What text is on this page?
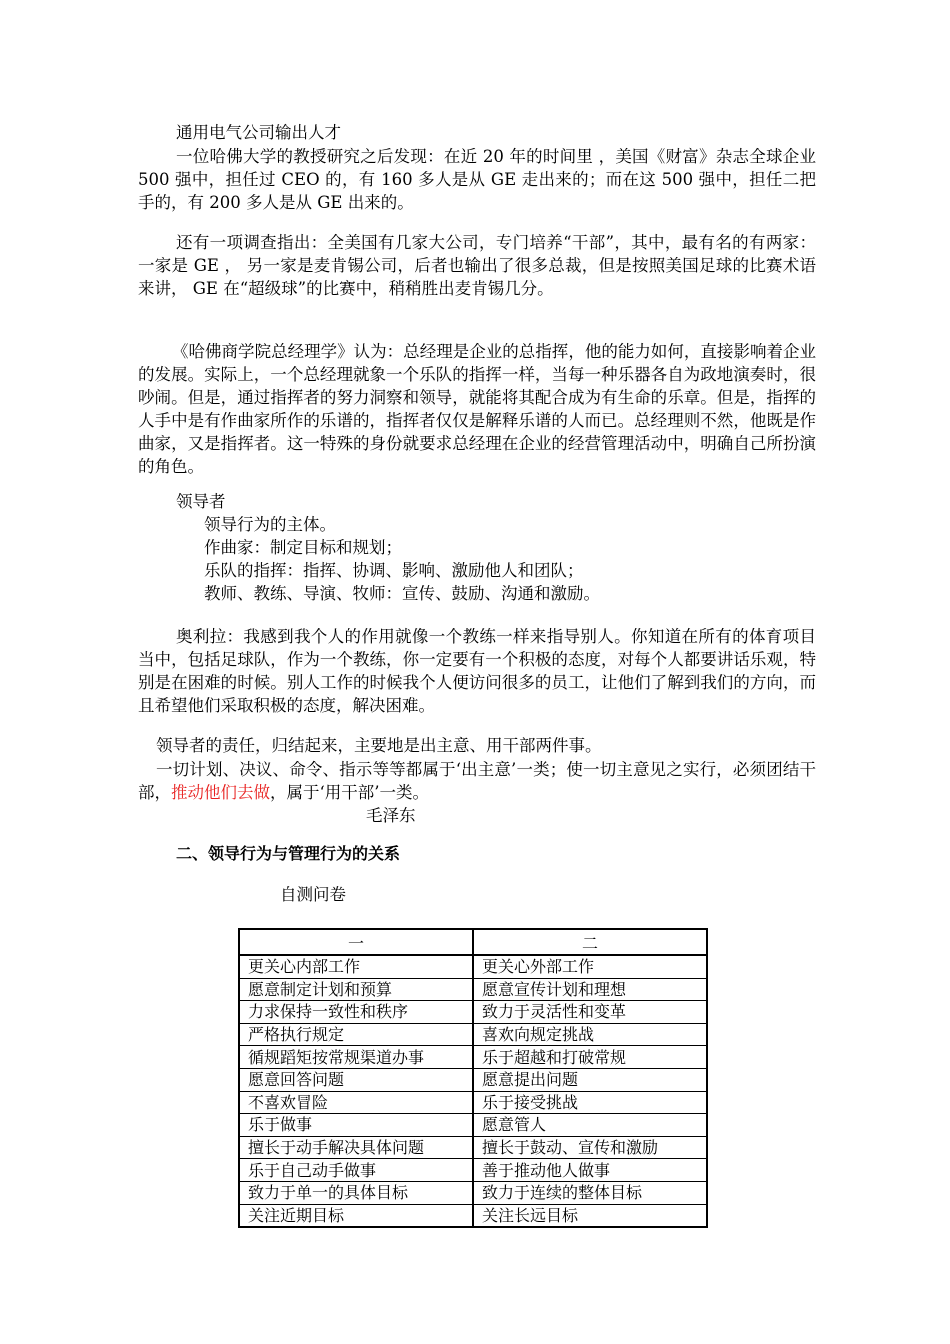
通用电气公司输出人才
一位哈佛大学的教授研究之后发现：在近 20 年的时间里 ，美国《财富》杂志全球企业 500 强中，担任过 CEO 的，有 160 多人是从 GE 走出来的；而在这 500 强中，担任二把手的，有 200 多人是从 GE 出来的。
还有一项调查指出：全美国有几家大公司，专门培养“干部”，其中，最有名的有两家：一家是 GE ， 另一家是麦肯锡公司，后者也输出了很多总裁，但是按照美国足球的比赛术语来讲， GE 在“超级球”的比赛中，稍稍胜出麦肯锡几分。
《哈佛商学院总经理学》认为：总经理是企业的总指挥，他的能力如何，直接影响着企业的发展。实际上，一个总经理就象一个乐队的指挥一样，当每一种乐器各自为政地演奏时，很吵闹。但是，通过指挥者的努力洞察和领导，就能将其配合成为有生命的乐章。但是，指挥的人手中是有作曲家所作的乐谱的，指挥者仅仅是解释乐谱的人而已。总经理则不然，他既是作曲家，又是指挥者。这一特殊的身份就要求总经理在企业的经营管理活动中，明确自己所扮演的角色。
领导者
领导行为的主体。
作曲家：制定目标和规划；
乐队的指挥：指挥、协调、影响、激励他人和团队；
教师、教练、导演、牧师：宣传、鼓励、沟通和激励。
奥利拉：我感到我个人的作用就像一个教练一样来指导别人。你知道在所有的体育项目当中，包括足球队，作为一个教练，你一定要有一个积极的态度，对每个人都要讲话乐观，特别是在困难的时候。别人工作的时候我个人便访问很多的员工，让他们了解到我们的方向，而且希望他们采取积极的态度，解决困难。
领导者的责任，归结起来，主要地是出主意、用干部两件事。
一切计划、决议、命令、指示等等都属于‘出主意’一类；使一切主意见之实行，必须团结干部，推动他们去做，属于‘用干部’一类。
毛泽东
二、领导行为与管理行为的关系
自测问卷
一	二
更关心内部工作	更关心外部工作
愿意制定计划和预算	愿意宣传计划和理想
力求保持一致性和秩序	致力于灵活性和变革
严格执行规定	喜欢向规定挑战
循规蹈矩按常规渠道办事	乐于超越和打破常规
愿意回答问题	愿意提出问题
不喜欢冒险	乐于接受挑战
乐于做事	愿意管人
擅长于动手解决具体问题	擅长于鼓动、宣传和激励
乐于自己动手做事	善于推动他人做事
致力于单一的具体目标	致力于连续的整体目标
关注近期目标	关注长远目标
